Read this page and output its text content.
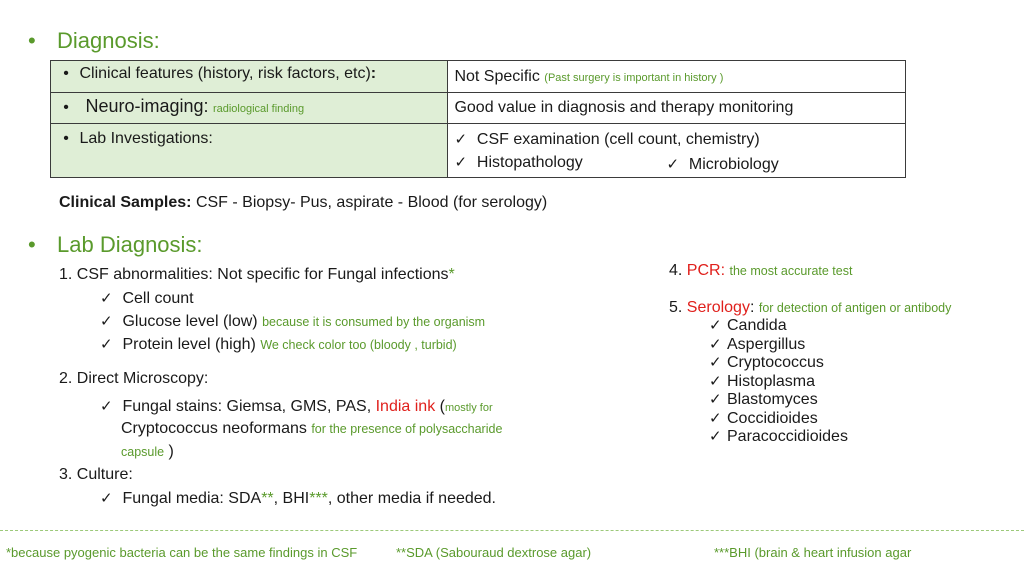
• Diagnosis:
• Clinical features (history, risk factors, etc):	Not Specific (Past surgery is important in history )

• Neuro-imaging: radiological finding	Good value in diagnosis and therapy monitoring

• Lab Investigations:	✓ CSF examination (cell count, chemistry)
✓ Histopathology ✓ Microbiology
Clinical Samples: CSF - Biopsy- Pus, aspirate - Blood (for serology)
• Lab Diagnosis:
1. CSF abnormalities: Not specific for Fungal infections*
✓ Cell count
✓ Glucose level (low) because it is consumed by the organism
✓ Protein level (high) We check color too (bloody , turbid)
2. Direct Microscopy:
✓ Fungal stains: Giemsa, GMS, PAS, India ink (mostly for
Cryptococcus neoformans for the presence of polysaccharide
capsule )
3. Culture:
✓ Fungal media: SDA**, BHI***, other media if needed.
4. PCR: the most accurate test
5. Serology: for detection of antigen or antibody
✓ Candida
✓ Aspergillus
✓ Cryptococcus
✓ Histoplasma
✓ Blastomyces
✓ Coccidioides
✓ Paracoccidioides
*because pyogenic bacteria can be the same findings in CSF	**SDA (Sabouraud dextrose agar)	***BHI (brain & heart infusion agar
